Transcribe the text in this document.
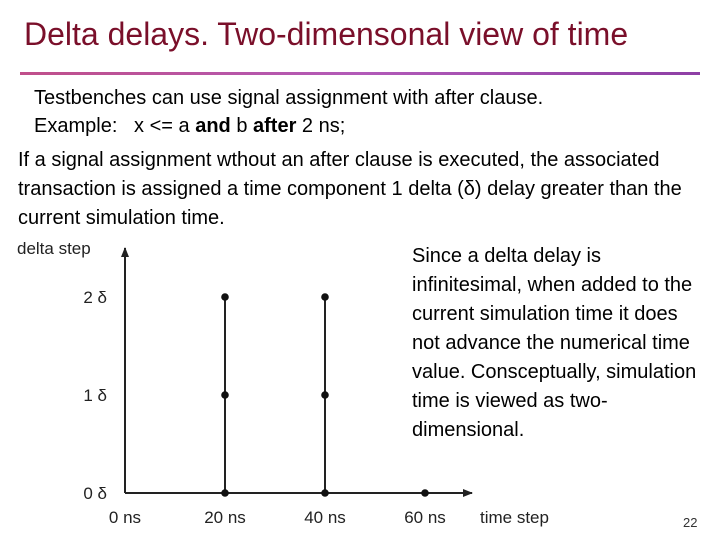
Delta delays. Two-dimensonal view of time
Testbenches can use signal assignment with after clause.
Example:   x <= a and b after 2 ns;
If a signal assignment wthout an after clause is executed, the associated transaction is assigned a time component 1 delta (δ) delay greater than the current simulation time.
0 ns	20 ns	40 ns	60 ns
0 δ
1 δ
2 δ
delta step
time step
Since a delta delay is infinitesimal, when added to the current simulation time it does not advance the numerical time value. Consceptually, simulation time is viewed as two-dimensional.
22
